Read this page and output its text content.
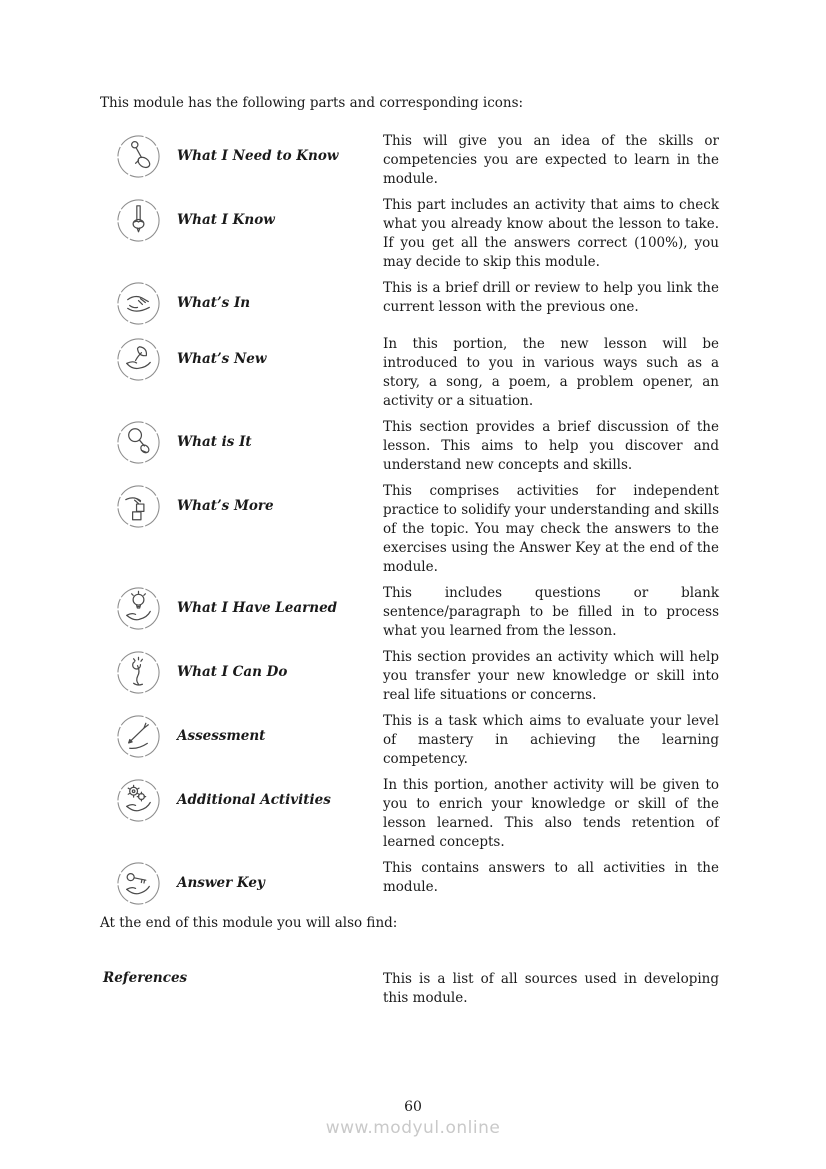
This module has the following parts and corresponding icons:

What I Need to Know
This will give you an idea of the skills or competencies you are expected to learn in the module.
What I Know
This part includes an activity that aims to check what you already know about the lesson to take. If you get all the answers correct (100%), you may decide to skip this module.
What’s In
This is a brief drill or review to help you link the current lesson with the previous one.
What’s New
In this portion, the new lesson will be introduced to you in various ways such as a story, a song, a poem, a problem opener, an activity or a situation.
What is It
This section provides a brief discussion of the lesson. This aims to help you discover and understand new concepts and skills.
What’s More
This comprises activities for independent practice to solidify your understanding and skills of the topic. You may check the answers to the exercises using the Answer Key at the end of the module.
What I Have Learned
This includes questions or blank sentence/paragraph to be filled in to process what you learned from the lesson.
What I Can Do
This section provides an activity which will help you transfer your new knowledge or skill into real life situations or concerns.
Assessment
This is a task which aims to evaluate your level of mastery in achieving the learning competency.
Additional Activities
In this portion, another activity will be given to you to enrich your knowledge or skill of the lesson learned. This also tends retention of learned concepts.
Answer Key
This contains answers to all activities in the module.

At the end of this module you will also find:

References	This is a list of all sources used in developing this module.
60
www.modyul.online
